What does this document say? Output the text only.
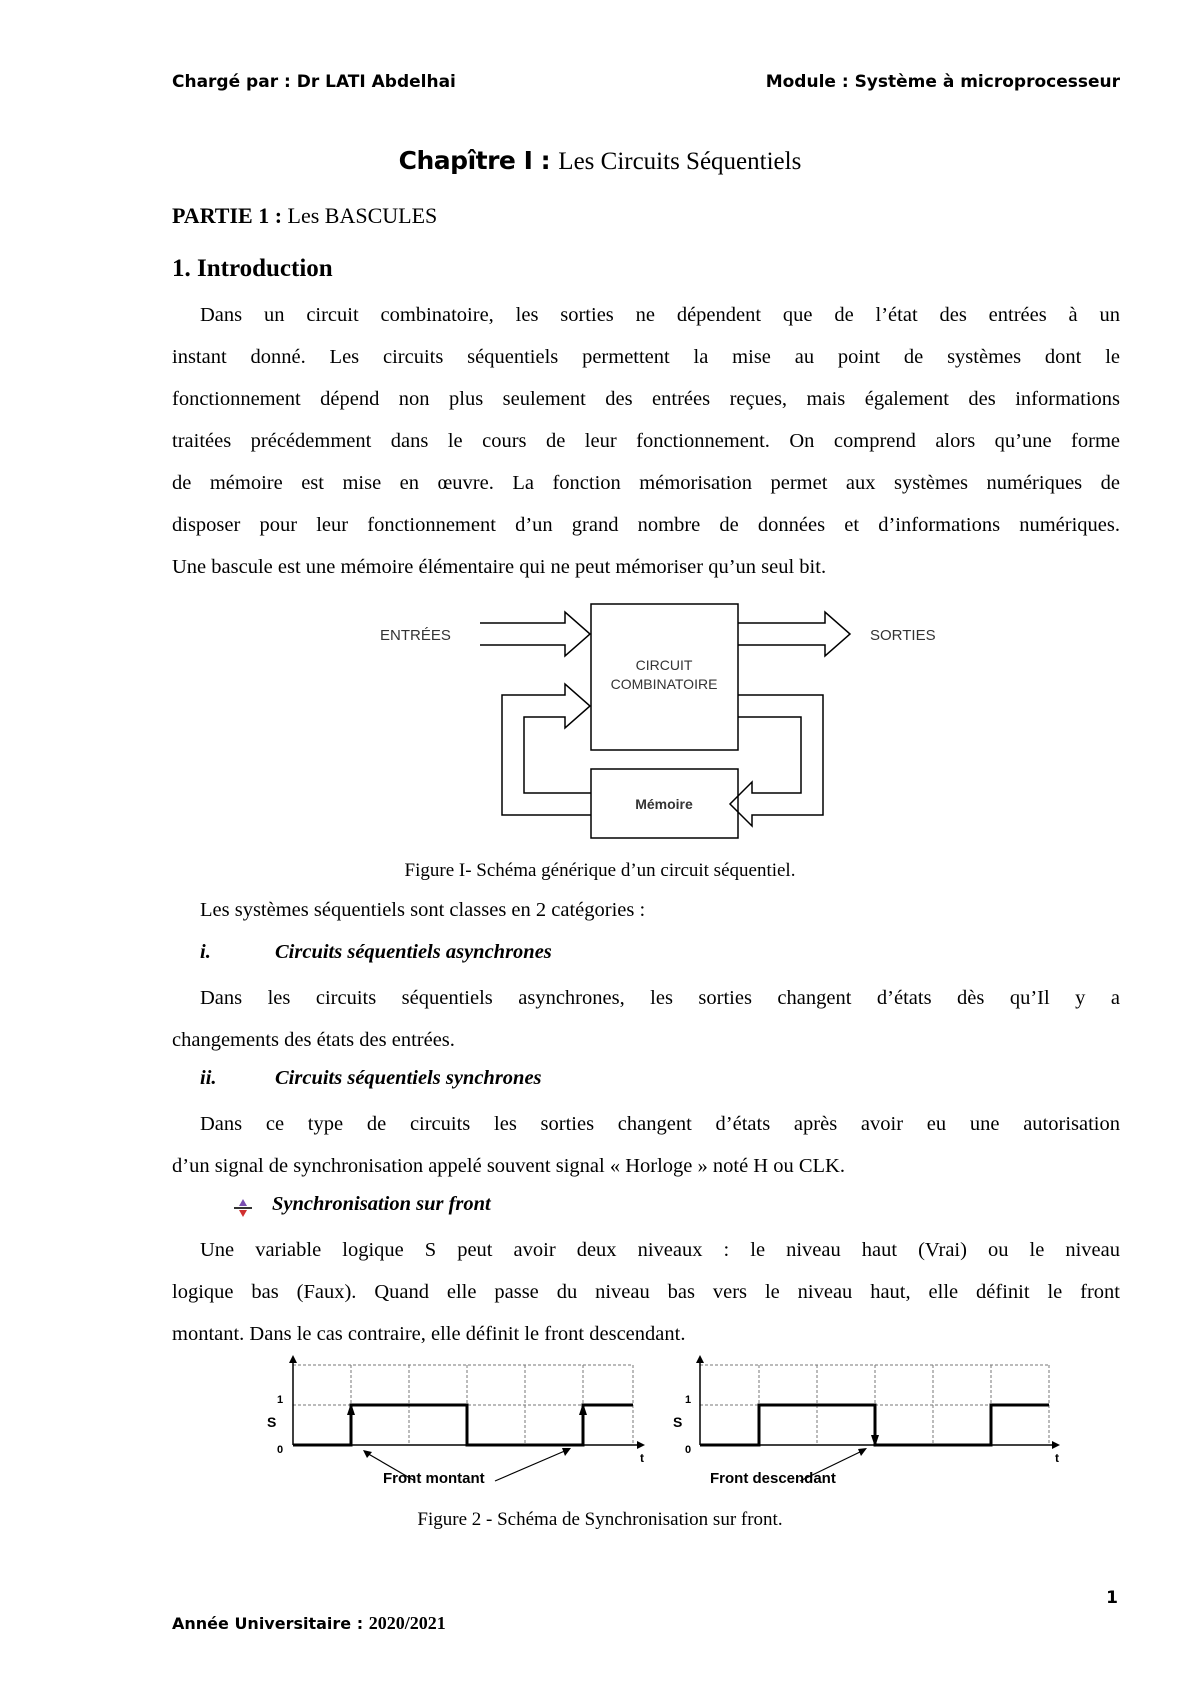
Chargé par : Dr LATI Abdelhai	Module : Système à microprocesseur
Chapître I : Les Circuits Séquentiels
PARTIE 1 : Les BASCULES
1. Introduction
Dans un circuit combinatoire, les sorties ne dépendent que de l’état des entrées à un
instant donné. Les circuits séquentiels permettent la mise au point de systèmes dont le
fonctionnement dépend non plus seulement des entrées reçues, mais également des informations
traitées précédemment dans le cours de leur fonctionnement. On comprend alors qu’une forme
de mémoire est mise en œuvre. La fonction mémorisation permet aux systèmes numériques de
disposer pour leur fonctionnement d’un grand nombre de données et d’informations numériques.
Une bascule est une mémoire élémentaire qui ne peut mémoriser qu’un seul bit.
ENTRÉES	SORTIES
CIRCUIT
COMBINATOIRE
Mémoire
Figure I- Schéma générique d’un circuit séquentiel.
Les systèmes séquentiels sont classes en 2 catégories :
i.	Circuits séquentiels asynchrones
Dans les circuits séquentiels asynchrones, les sorties changent d’états dès qu’Il y a
changements des états des entrées.
ii.	Circuits séquentiels synchrones
Dans ce type de circuits les sorties changent d’états après avoir eu une autorisation
d’un signal de synchronisation appelé souvent signal « Horloge » noté H ou CLK.
Synchronisation sur front
Une variable logique S peut avoir deux niveaux : le niveau haut (Vrai) ou le niveau
logique bas (Faux). Quand elle passe du niveau bas vers le niveau haut, elle définit le front
montant. Dans le cas contraire, elle définit le front descendant.
S
1
0
t
Front montant
S
1
0
t
Front descendant
Figure 2 - Schéma de Synchronisation sur front.
1
Année Universitaire : 2020/2021
